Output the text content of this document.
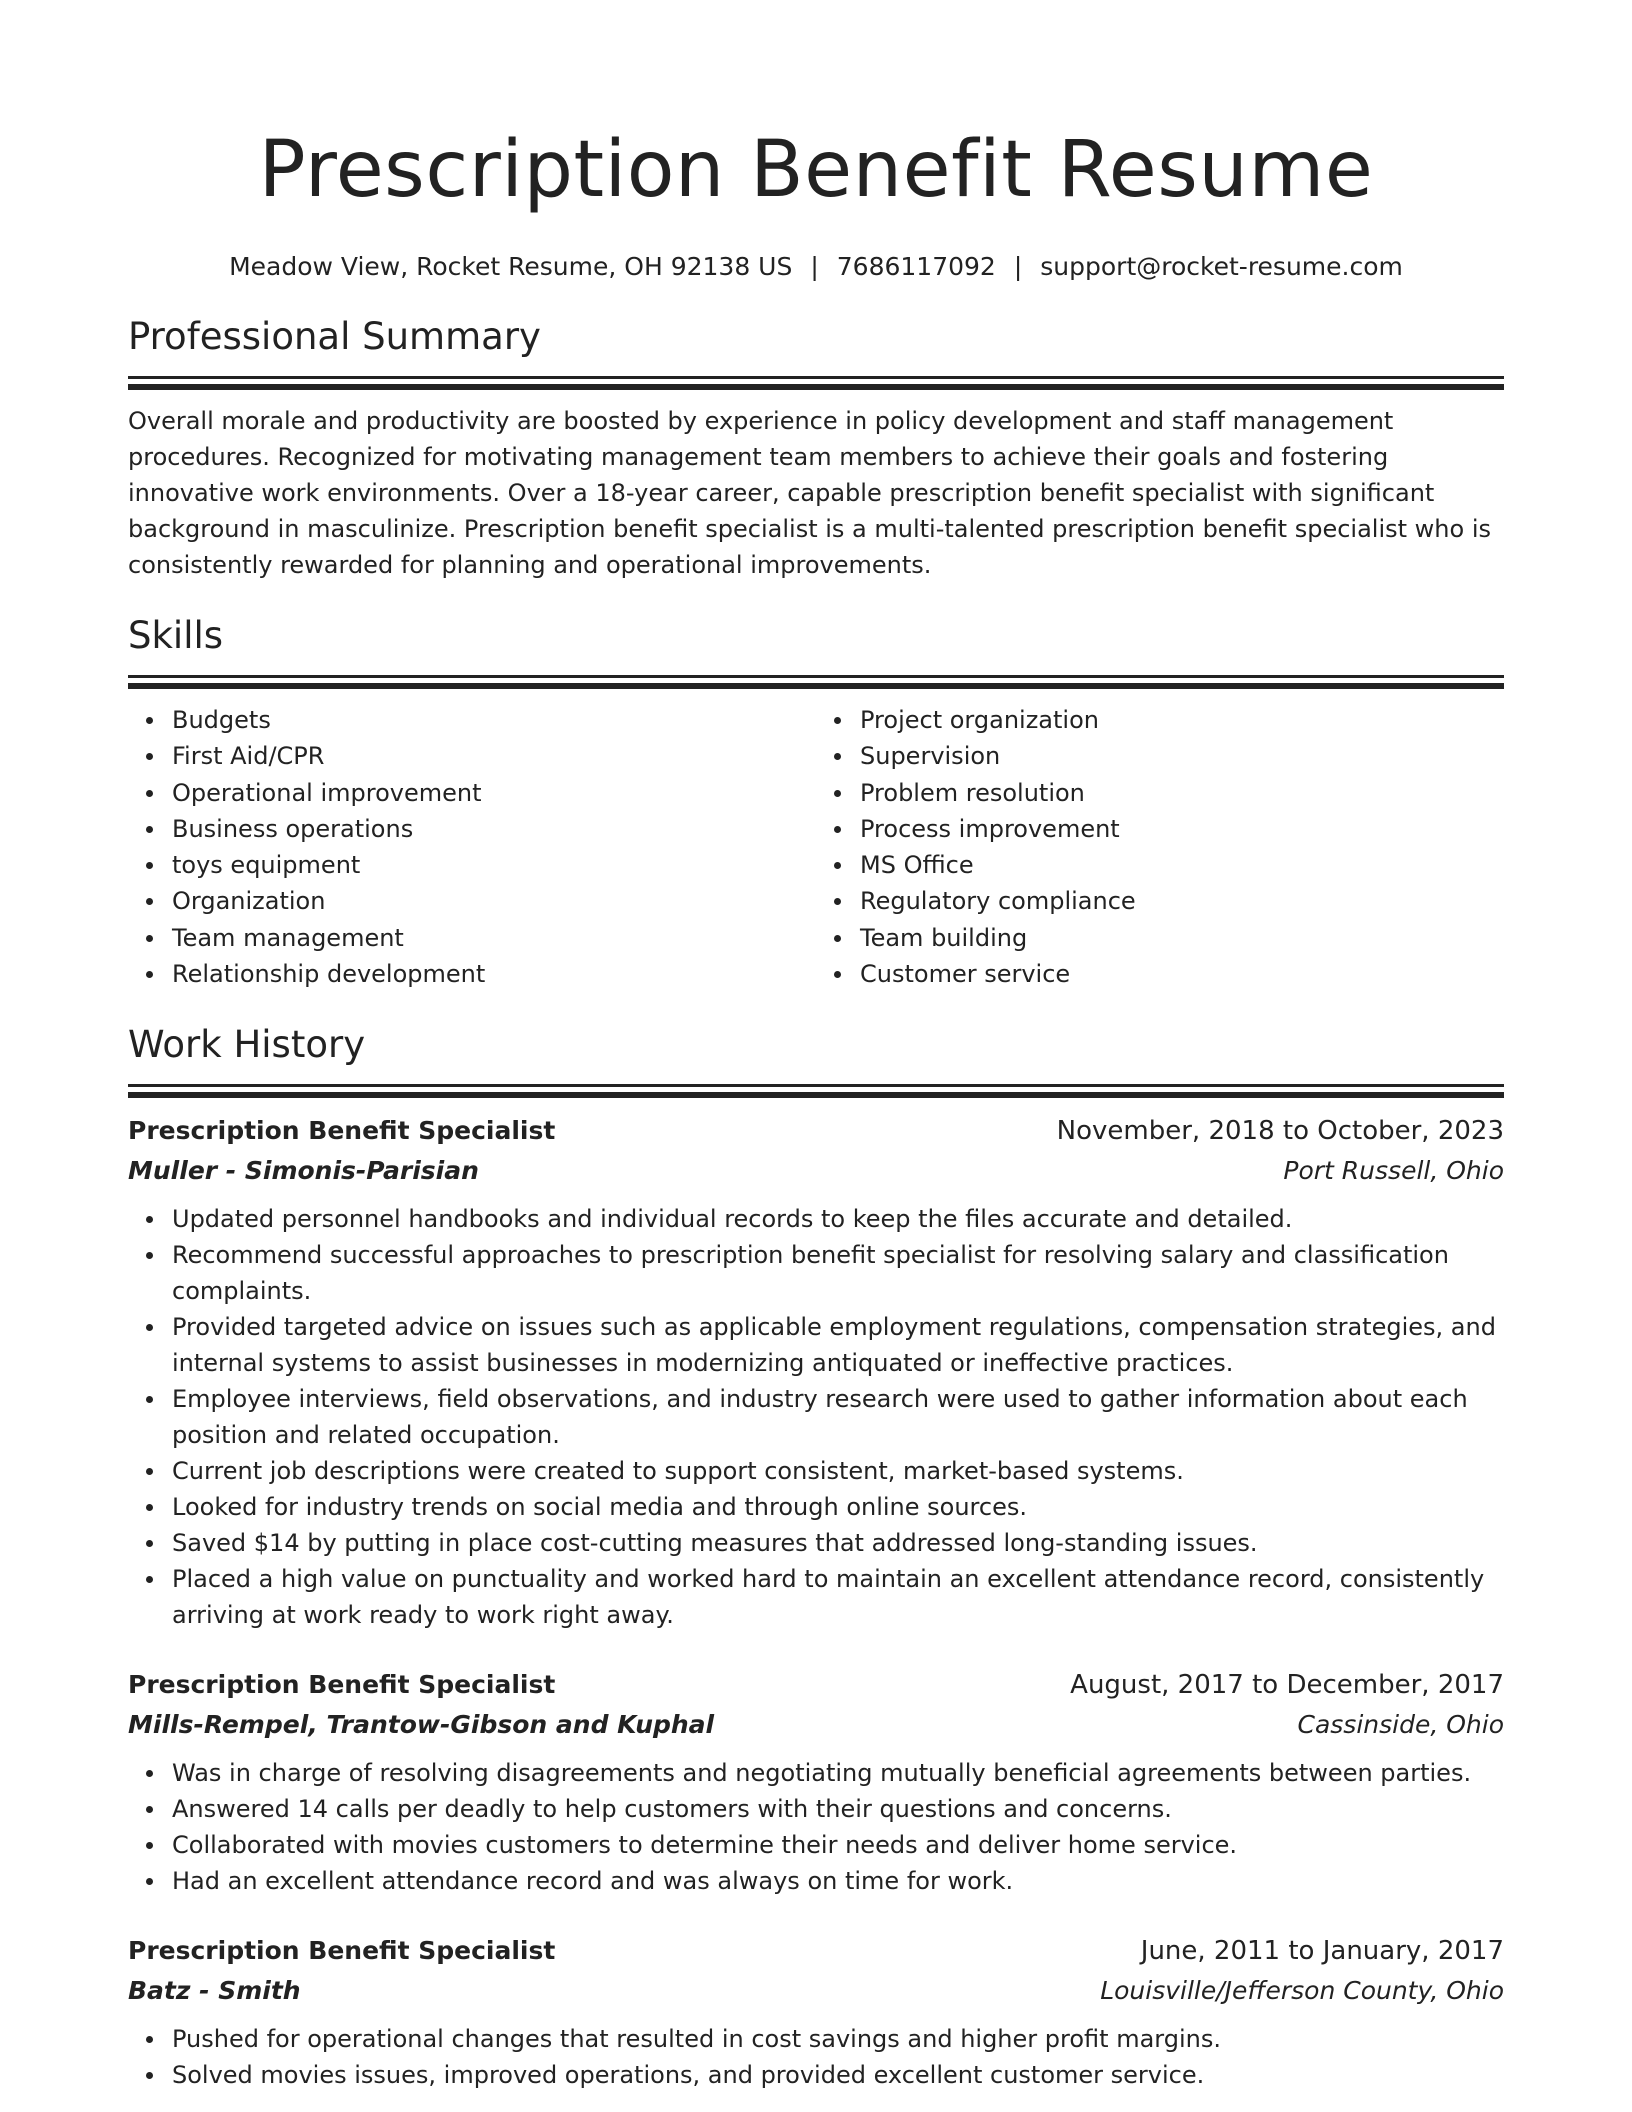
Prescription Benefit Resume
Meadow View, Rocket Resume, OH 92138 US | 7686117092 | support@rocket-resume.com
Professional Summary

Overall morale and productivity are boosted by experience in policy development and staff management procedures. Recognized for motivating management team members to achieve their goals and fostering innovative work environments. Over a 18-year career, capable prescription benefit specialist with significant background in masculinize. Prescription benefit specialist is a multi-talented prescription benefit specialist who is consistently rewarded for planning and operational improvements.

Skills
Budgets
First Aid/CPR
Operational improvement
Business operations
toys equipment
Organization
Team management
Relationship development
Project organization
Supervision
Problem resolution
Process improvement
MS Office
Regulatory compliance
Team building
Customer service
Work History
Prescription Benefit Specialist	November, 2018 to October, 2023
Muller - Simonis-Parisian	Port Russell, Ohio
Updated personnel handbooks and individual records to keep the files accurate and detailed.
Recommend successful approaches to prescription benefit specialist for resolving salary and classification complaints.
Provided targeted advice on issues such as applicable employment regulations, compensation strategies, and internal systems to assist businesses in modernizing antiquated or ineffective practices.
Employee interviews, field observations, and industry research were used to gather information about each position and related occupation.
Current job descriptions were created to support consistent, market-based systems.
Looked for industry trends on social media and through online sources.
Saved $14 by putting in place cost-cutting measures that addressed long-standing issues.
Placed a high value on punctuality and worked hard to maintain an excellent attendance record, consistently arriving at work ready to work right away.
Prescription Benefit Specialist	August, 2017 to December, 2017
Mills-Rempel, Trantow-Gibson and Kuphal	Cassinside, Ohio
Was in charge of resolving disagreements and negotiating mutually beneficial agreements between parties.
Answered 14 calls per deadly to help customers with their questions and concerns.
Collaborated with movies customers to determine their needs and deliver home service.
Had an excellent attendance record and was always on time for work.
Prescription Benefit Specialist	June, 2011 to January, 2017
Batz - Smith	Louisville/Jefferson County, Ohio
Pushed for operational changes that resulted in cost savings and higher profit margins.
Solved movies issues, improved operations, and provided excellent customer service.
